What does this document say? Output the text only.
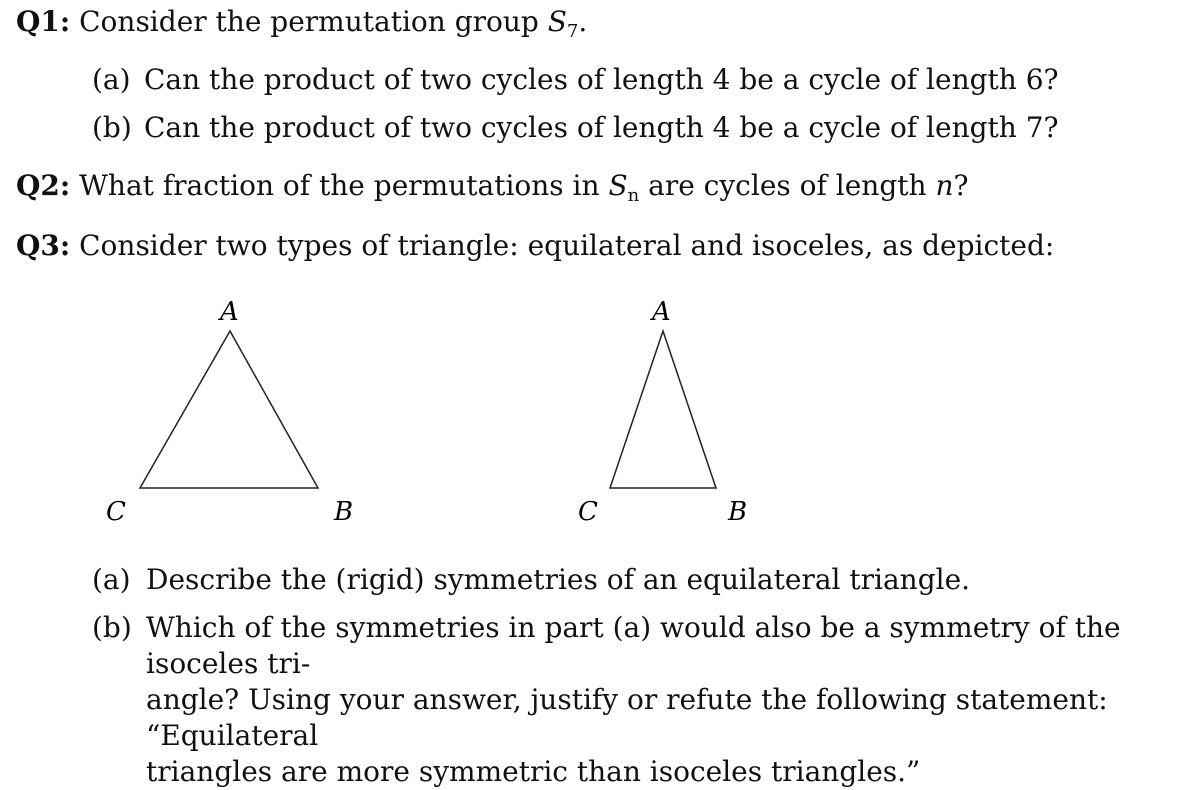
Q1: Consider the permutation group $S_7$.
(a) Can the product of two cycles of length 4 be a cycle of length 6?
(b) Can the product of two cycles of length 4 be a cycle of length 7?
Q2: What fraction of the permutations in $S_n$ are cycles of length n?
Q3: Consider two types of triangle: equilateral and isoceles, as depicted:
A
C	B
A
C	B
(a) Describe the (rigid) symmetries of an equilateral triangle.
(b) Which of the symmetries in part (a) would also be a symmetry of the isoceles tri-
angle? Using your answer, justify or refute the following statement: “Equilateral
triangles are more symmetric than isoceles triangles.”
